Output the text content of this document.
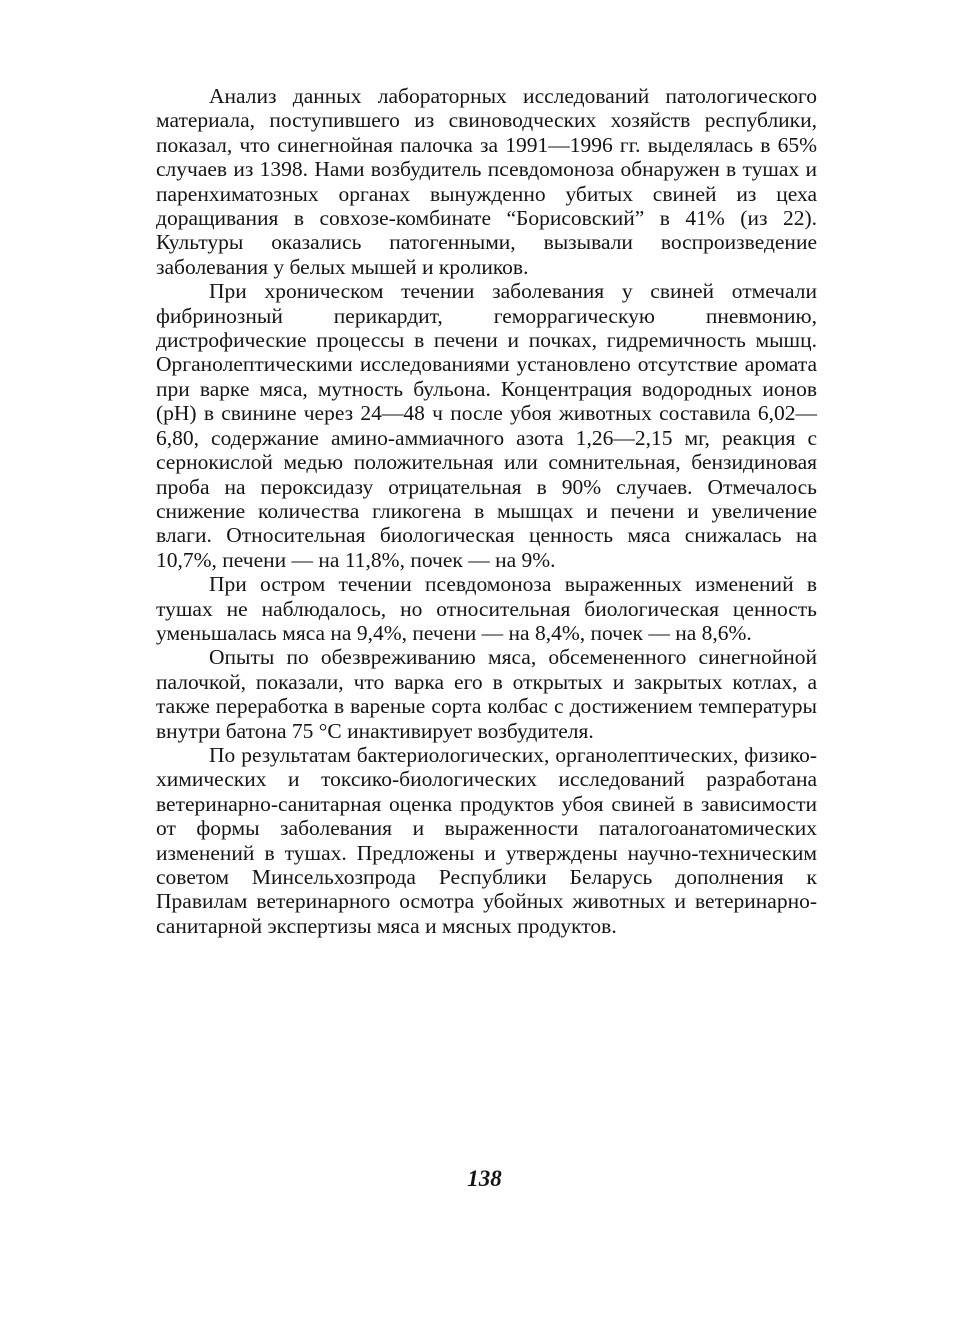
Анализ данных лабораторных исследований патологического материала, поступившего из свиноводческих хозяйств республики, показал, что синегнойная палочка за 1991—1996 гг. выделялась в 65% случаев из 1398. Нами возбудитель псевдомоноза обнаружен в тушах и паренхиматозных органах вынужденно убитых свиней из цеха доращивания в совхозе-комбинате “Борисовский” в 41% (из 22). Культуры оказались патогенными, вызывали воспроизведение заболевания у белых мышей и кроликов.

При хроническом течении заболевания у свиней отмечали фибринозный перикардит, геморрагическую пневмонию, дистрофические процессы в печени и почках, гидремичность мышц. Органолептическими исследованиями установлено отсутствие аромата при варке мяса, мутность бульона. Концентрация водородных ионов (рН) в свинине через 24—48 ч после убоя животных составила 6,02—6,80, содержание амино-аммиачного азота 1,26—2,15 мг, реакция с сернокислой медью положительная или сомнительная, бензидиновая проба на пероксидазу отрицательная в 90% случаев. Отмечалось снижение количества гликогена в мышцах и печени и увеличение влаги. Относительная биологическая ценность мяса снижалась на 10,7%, печени — на 11,8%, почек — на 9%.

При остром течении псевдомоноза выраженных изменений в тушах не наблюдалось, но относительная биологическая ценность уменьшалась мяса на 9,4%, печени — на 8,4%, почек — на 8,6%.

Опыты по обезвреживанию мяса, обсемененного синегнойной палочкой, показали, что варка его в открытых и закрытых котлах, а также переработка в вареные сорта колбас с достижением температуры внутри батона 75 °С инактивирует возбудителя.

По результатам бактериологических, органолептических, физико-химических и токсико-биологических исследований разработана ветеринарно-санитарная оценка продуктов убоя свиней в зависимости от формы заболевания и выраженности паталогоанатомических изменений в тушах. Предложены и утверждены научно-техническим советом Минсельхозпрода Республики Беларусь дополнения к Правилам ветеринарного осмотра убойных животных и ветеринарно-санитарной экспертизы мяса и мясных продуктов.

138
